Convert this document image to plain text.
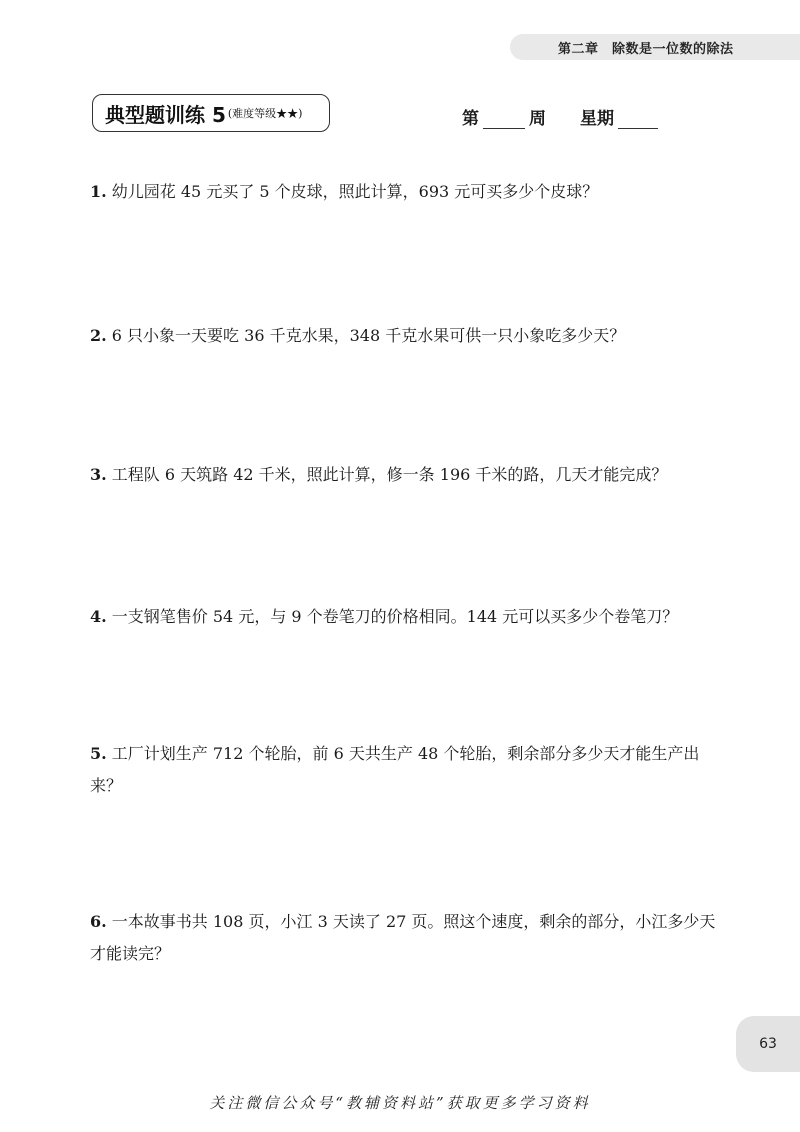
第二章　除数是一位数的除法
典型题训练 5 (难度等级★★)	第	周 星期
1. 幼儿园花 45 元买了 5 个皮球，照此计算，693 元可买多少个皮球？
2. 6 只小象一天要吃 36 千克水果，348 千克水果可供一只小象吃多少天？
3. 工程队 6 天筑路 42 千米，照此计算，修一条 196 千米的路，几天才能完成？
4. 一支钢笔售价 54 元，与 9 个卷笔刀的价格相同。144 元可以买多少个卷笔刀？
5. 工厂计划生产 712 个轮胎，前 6 天共生产 48 个轮胎，剩余部分多少天才能生产出来？
6. 一本故事书共 108 页，小江 3 天读了 27 页。照这个速度，剩余的部分，小江多少天才能读完？
63
关注微信公众号“教辅资料站”获取更多学习资料
